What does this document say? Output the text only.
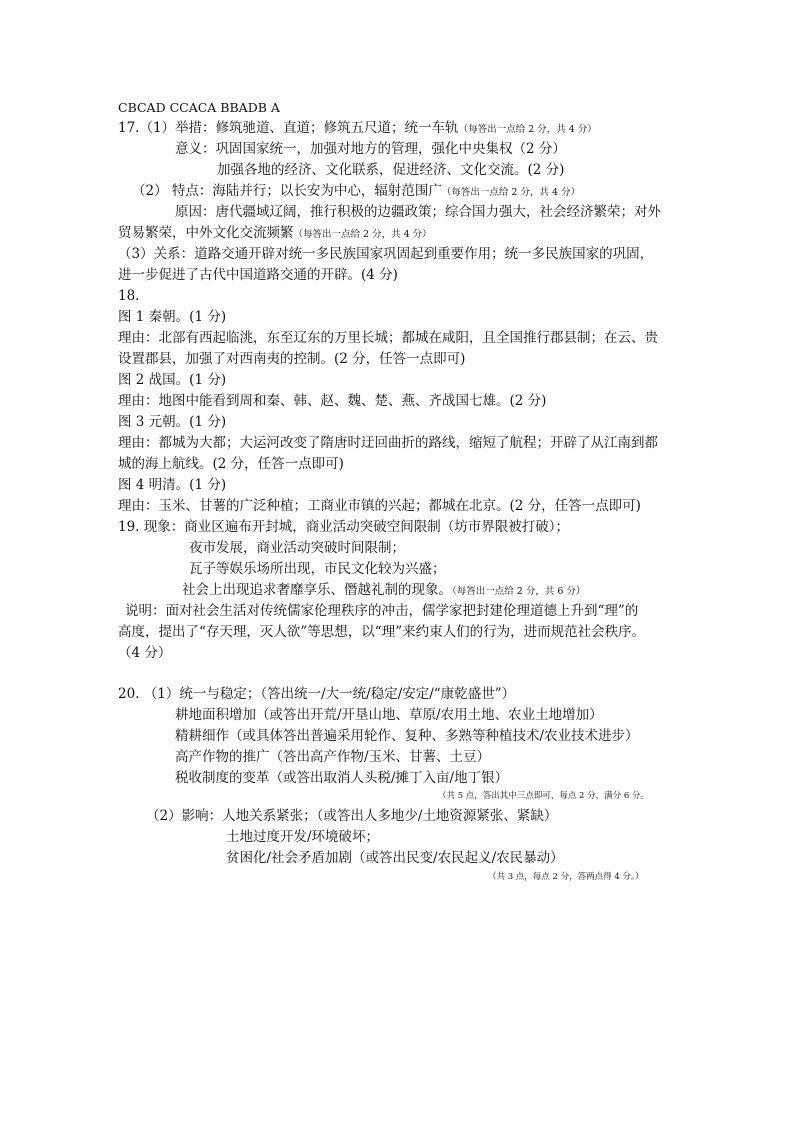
CBCAD CCACA BBADB A
17.（1）举措：修筑驰道、直道；修筑五尺道；统一车轨（每答出一点给 2 分，共 4 分）
意义：巩固国家统一，加强对地方的管理，强化中央集权（2 分）
加强各地的经济、文化联系，促进经济、文化交流。(2 分)
（2） 特点：海陆并行；以长安为中心，辐射范围广（每答出一点给 2 分，共 4 分）
原因：唐代疆域辽阔，推行积极的边疆政策；综合国力强大，社会经济繁荣；对外
贸易繁荣，中外文化交流频繁（每答出一点给 2 分，共 4 分）
（3）关系：道路交通开辟对统一多民族国家巩固起到重要作用；统一多民族国家的巩固，
进一步促进了古代中国道路交通的开辟。(4 分)
18.
图 1 秦朝。(1 分)
理由：北部有西起临洮，东至辽东的万里长城；都城在咸阳，且全国推行郡县制；在云、贵
设置郡县，加强了对西南夷的控制。(2 分，任答一点即可)
图 2 战国。(1 分)
理由：地图中能看到周和秦、韩、赵、魏、楚、燕、齐战国七雄。(2 分)
图 3 元朝。(1 分)
理由：都城为大都；大运河改变了隋唐时迂回曲折的路线，缩短了航程；开辟了从江南到都
城的海上航线。(2 分，任答一点即可)
图 4 明清。(1 分)
理由：玉米、甘薯的广泛种植；工商业市镇的兴起；都城在北京。(2 分，任答一点即可)
19. 现象：商业区遍布开封城，商业活动突破空间限制（坊市界限被打破）；
夜市发展，商业活动突破时间限制；
瓦子等娱乐场所出现，市民文化较为兴盛；
社会上出现追求奢靡享乐、僭越礼制的现象。（每答出一点给 2 分，共 6 分）
说明：面对社会生活对传统儒家伦理秩序的冲击，儒学家把封建伦理道德上升到“理”的
高度，提出了“存天理，灭人欲”等思想，以“理”来约束人们的行为，进而规范社会秩序。
（4 分）
20. （1）统一与稳定；（答出统一/大一统/稳定/安定/“康乾盛世”）
耕地面积增加（或答出开荒/开垦山地、草原/农用土地、农业土地增加）
精耕细作（或具体答出普遍采用轮作、复种、多熟等种植技术/农业技术进步）
高产作物的推广（答出高产作物/玉米、甘薯、土豆）
税收制度的变革（或答出取消人头税/摊丁入亩/地丁银）
（共 5 点，答出其中三点即可，每点 2 分，满分 6 分。
（2）影响：人地关系紧张；（或答出人多地少/土地资源紧张、紧缺）
土地过度开发/环境破坏；
贫困化/社会矛盾加剧（或答出民变/农民起义/农民暴动）
（共 3 点，每点 2 分，答两点得 4 分。）
